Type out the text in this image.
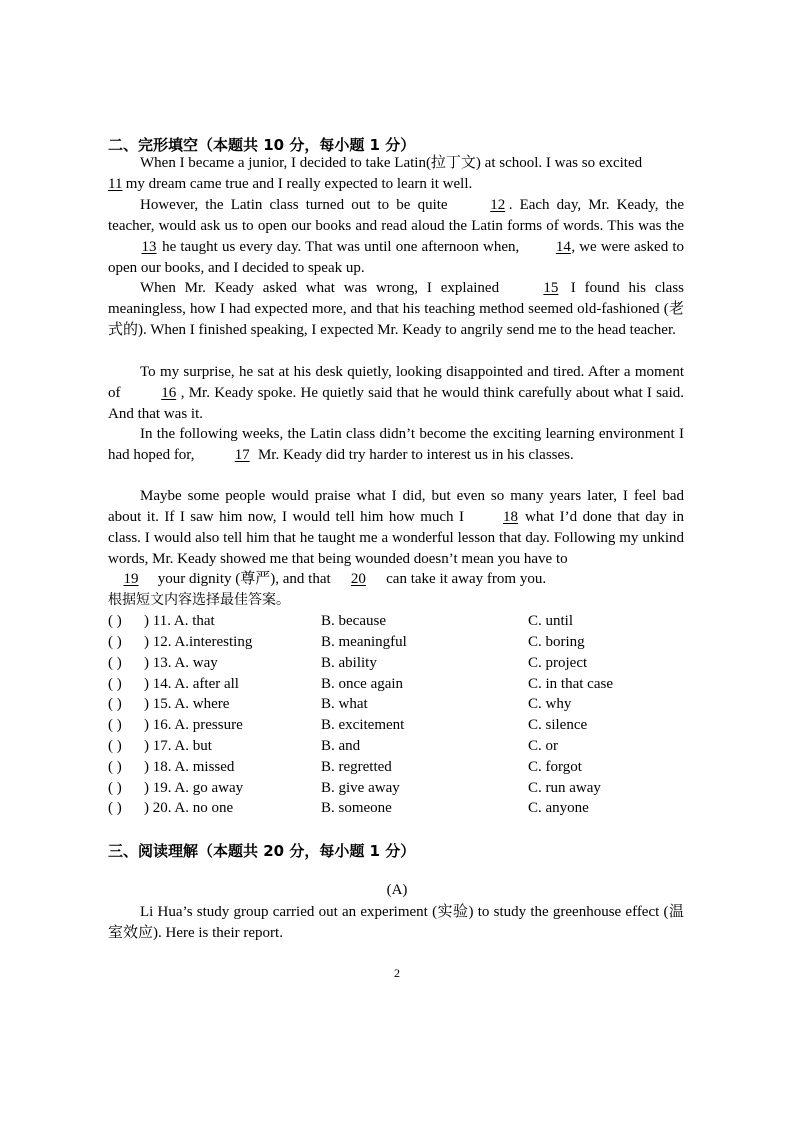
二、完形填空（本题共 10 分，每小题 1 分）

When I became a junior, I decided to take Latin(拉丁文) at school. I was so excited
11 my dream came true and I really expected to learn it well.

However, the Latin class turned out to be quite 12 . Each day, Mr. Keady, the teacher, would ask us to open our books and read aloud the Latin forms of words. This was the 13 he taught us every day. That was until one afternoon when, 14, we were asked to open our books, and I decided to speak up.

When Mr. Keady asked what was wrong, I explained 15 I found his class meaningless, how I had expected more, and that his teaching method seemed old-fashioned (老式的). When I finished speaking, I expected Mr. Keady to angrily send me to the head teacher.

To my surprise, he sat at his desk quietly, looking disappointed and tired. After a moment of 16 , Mr. Keady spoke. He quietly said that he would think carefully about what I said. And that was it.

In the following weeks, the Latin class didn’t become the exciting learning environment I had hoped for, 17 Mr. Keady did try harder to interest us in his classes.

Maybe some people would praise what I did, but even so many years later, I feel bad about it. If I saw him now, I would tell him how much I 18 what I’d done that day in class. I would also tell him that he taught me a wonderful lesson that day. Following my unkind words, Mr. Keady showed me that being wounded doesn’t mean you have to

19 your dignity (尊严), and that 20 can take it away from you.
根据短文内容选择最佳答案。
( ) ) 11. A. that	B. because	C. until
( ) ) 12. A.interesting	B. meaningful	C. boring
( ) ) 13. A. way	B. ability	C. project
( ) ) 14. A. after all	B. once again	C. in that case
( ) ) 15. A. where	B. what	C. why
( ) ) 16. A. pressure	B. excitement	C. silence
( ) ) 17. A. but	B. and	C. or
( ) ) 18. A. missed	B. regretted	C. forgot
( ) ) 19. A. go away	B. give away	C. run away
( ) ) 20. A. no one	B. someone	C. anyone
三、阅读理解（本题共 20 分，每小题 1 分）
(A)

Li Hua’s study group carried out an experiment (实验) to study the greenhouse effect (温室效应). Here is their report.

2
